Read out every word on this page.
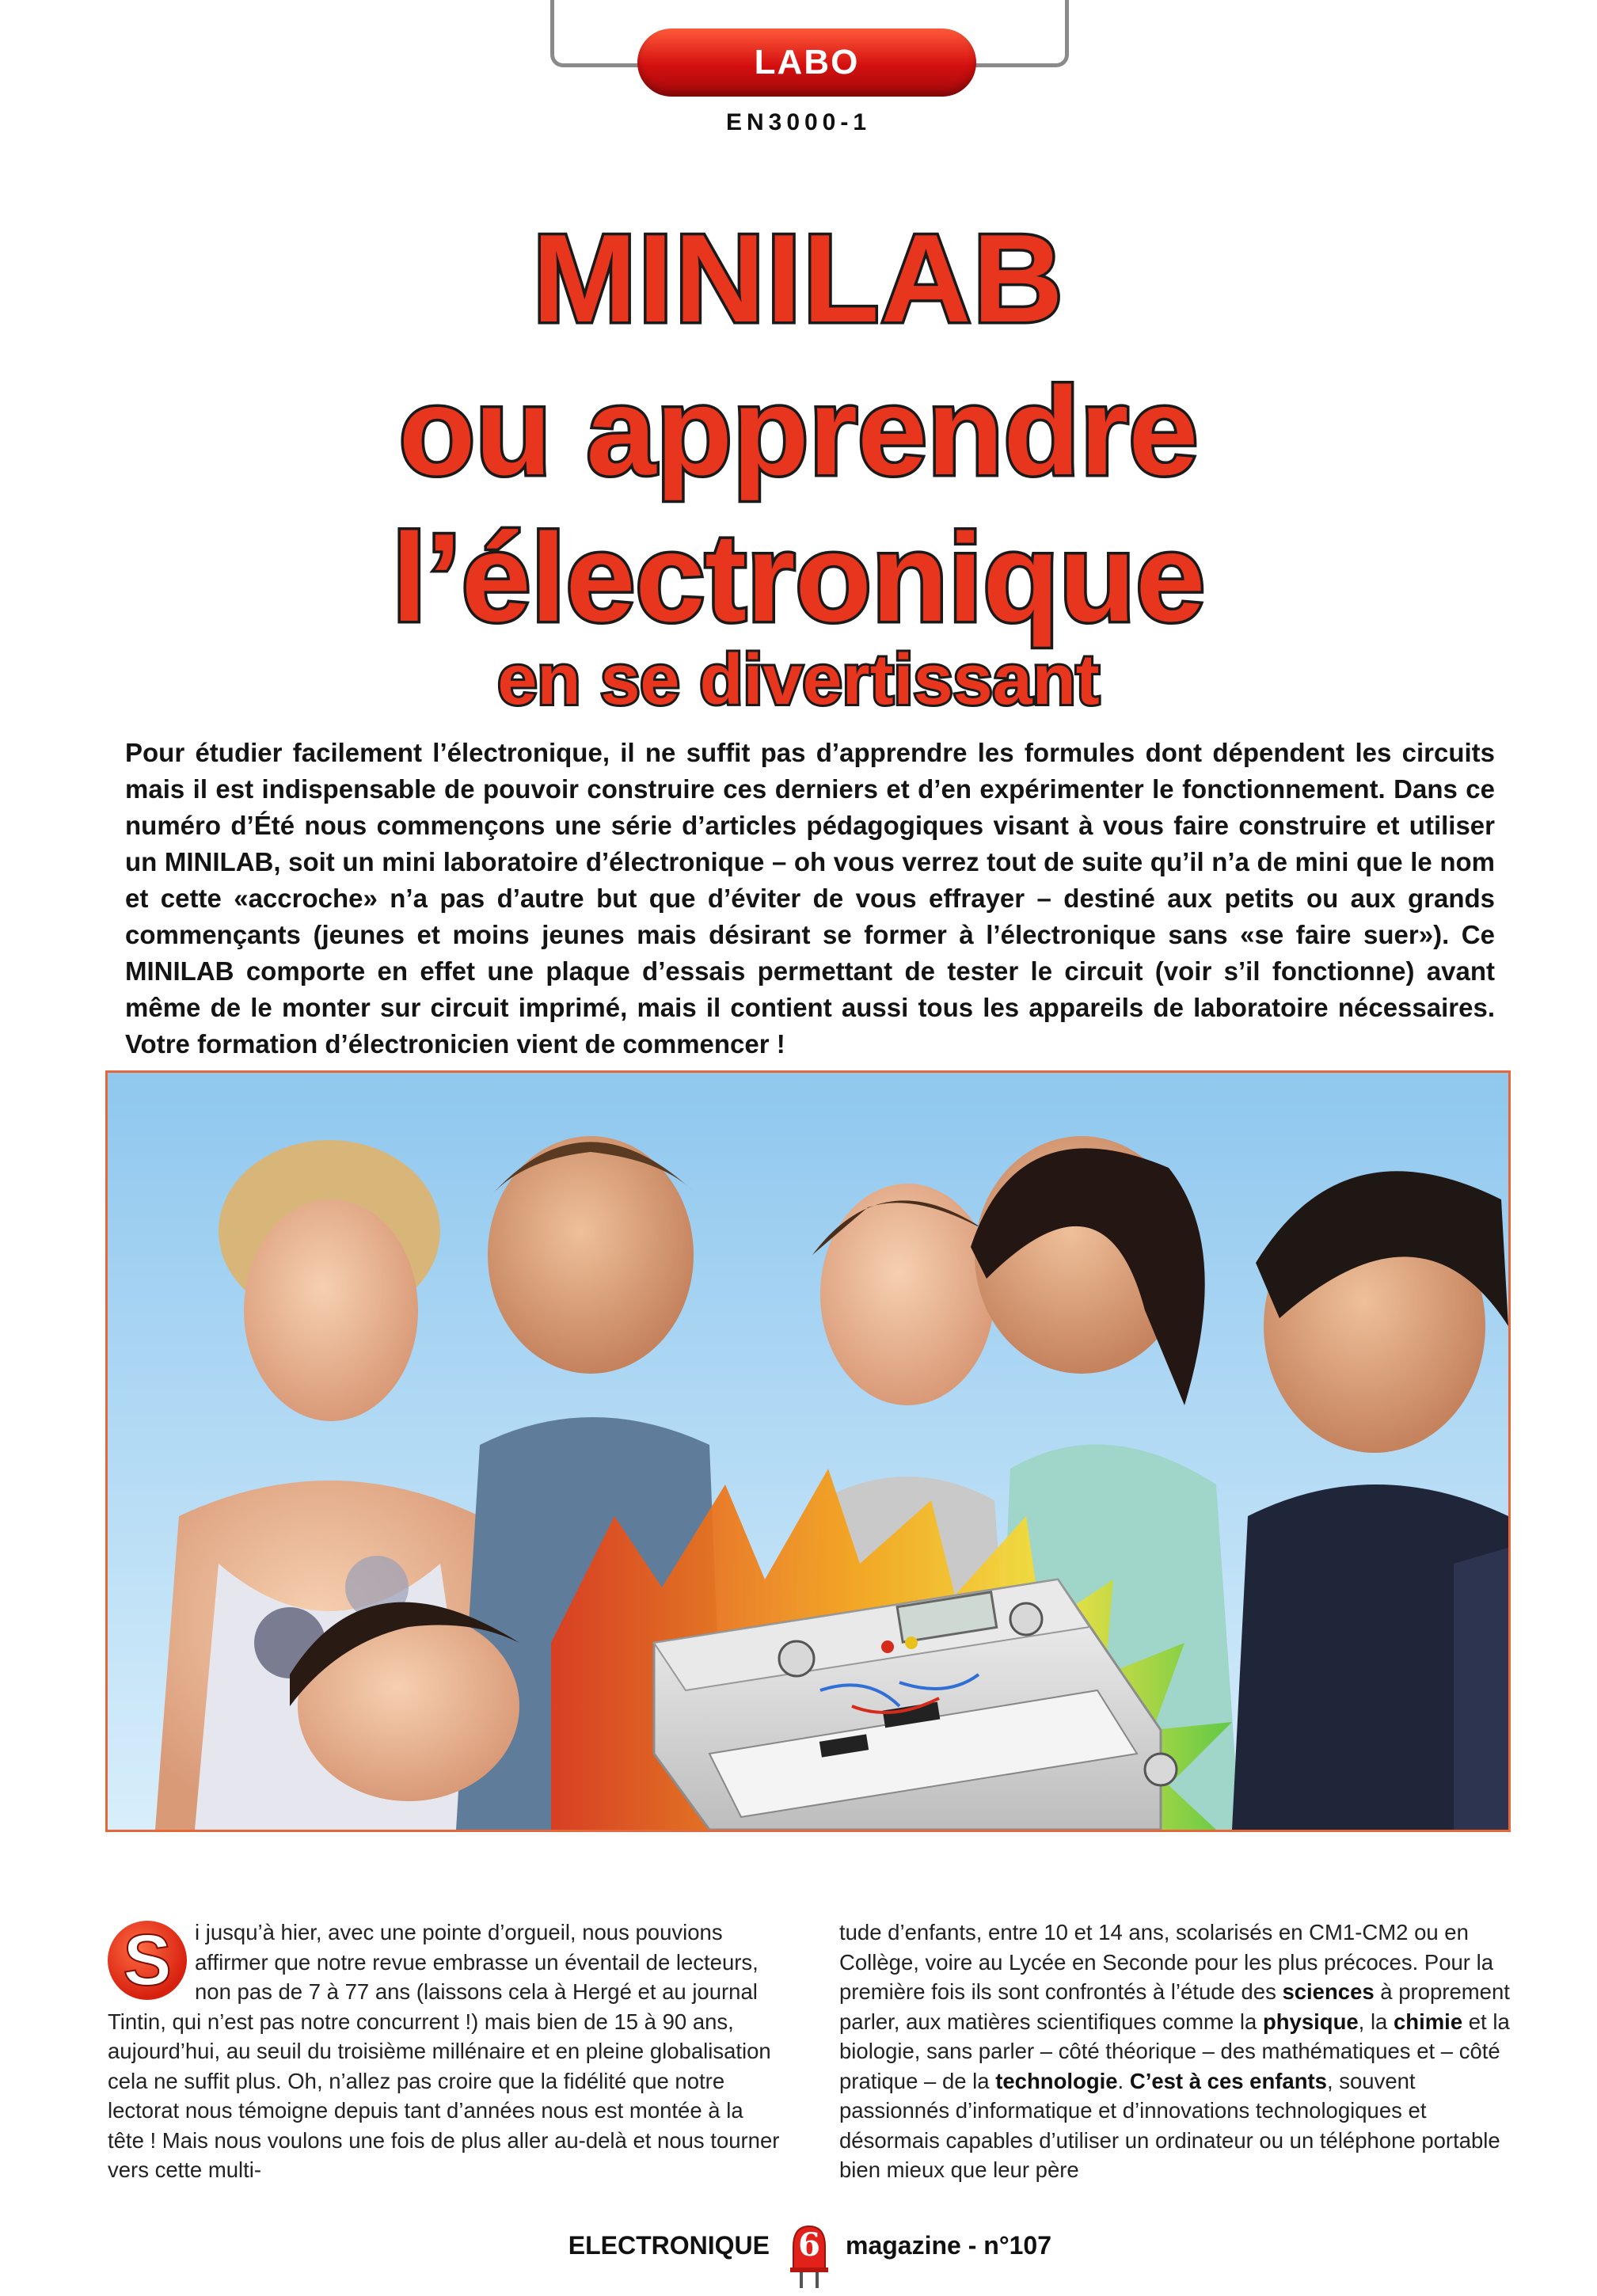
LABO
EN3000-1
MINILAB
ou apprendre
l’électronique
en se divertissant
Pour étudier facilement l’électronique, il ne suffit pas d’apprendre les formules dont dépendent les circuits mais il est indispensable de pouvoir construire ces derniers et d’en expérimenter le fonctionnement. Dans ce numéro d’Été nous commençons une série d’articles pédagogiques visant à vous faire construire et utiliser un MINILAB, soit un mini laboratoire d’électronique – oh vous verrez tout de suite qu’il n’a de mini que le nom et cette «accroche» n’a pas d’autre but que d’éviter de vous effrayer – destiné aux petits ou aux grands commençants (jeunes et moins jeunes mais désirant se former à l’électronique sans «se faire suer»). Ce MINILAB comporte en effet une plaque d’essais permettant de tester le circuit (voir s’il fonctionne) avant même de le monter sur circuit imprimé, mais il contient aussi tous les appareils de laboratoire nécessaires. Votre formation d’électronicien vient de commencer !
S	i jusqu’à hier, avec une pointe d’orgueil, nous pouvions affirmer que notre revue embrasse un éventail de lecteurs, non pas de 7 à 77 ans (laissons cela à Hergé et au journal Tintin, qui n’est pas notre concurrent !) mais bien de 15 à 90 ans, aujourd’hui, au seuil du troisième millénaire et en pleine globalisation cela ne suffit plus. Oh, n’allez pas croire que la fidélité que notre lectorat nous témoigne depuis tant d’années nous est montée à la tête ! Mais nous voulons une fois de plus aller au-delà et nous tourner vers cette multi-
tude d’enfants, entre 10 et 14 ans, scolarisés en CM1-CM2 ou en Collège, voire au Lycée en Seconde pour les plus précoces. Pour la première fois ils sont confrontés à l’étude des sciences à proprement parler, aux matières scientifiques comme la physique, la chimie et la biologie, sans parler – côté théorique – des mathématiques et – côté pratique – de la technologie. C’est à ces enfants, souvent passionnés d’informatique et d’innovations technologiques et désormais capables d’utiliser un ordinateur ou un téléphone portable bien mieux que leur père
ELECTRONIQUE 6	magazine - n°107
